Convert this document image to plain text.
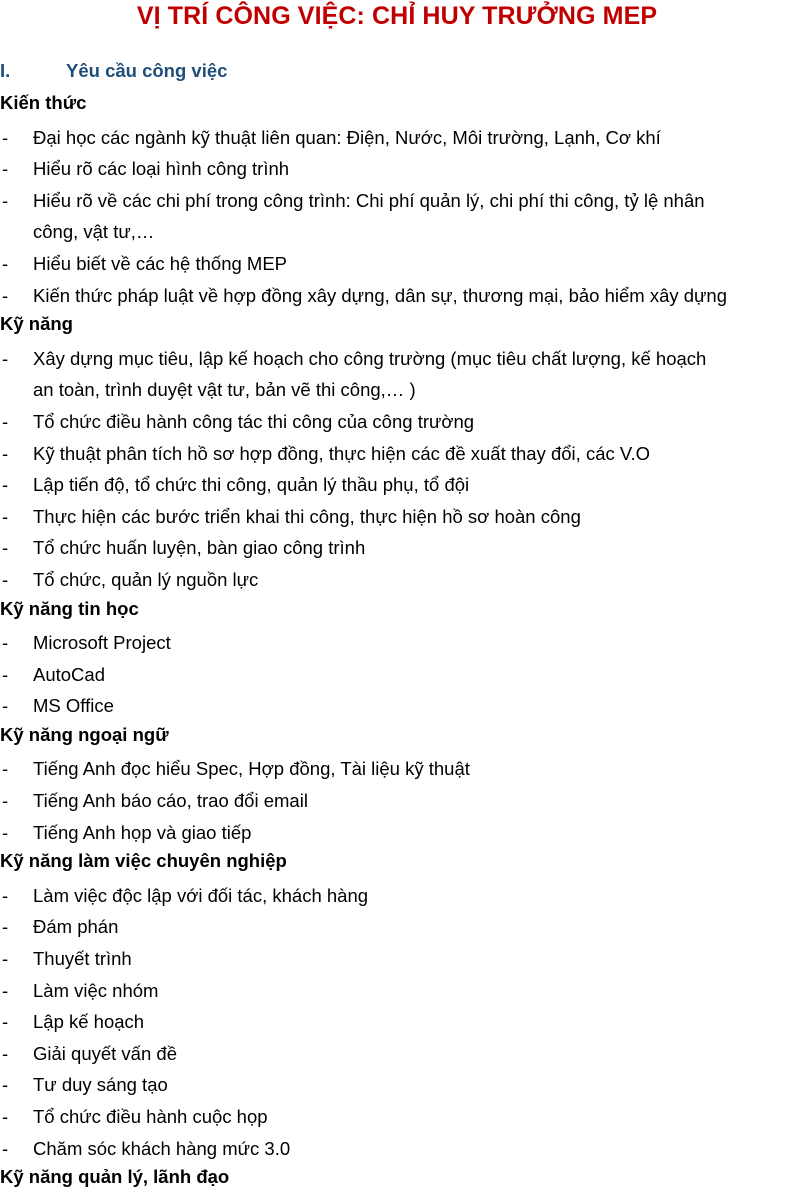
VỊ TRÍ CÔNG VIỆC: CHỈ HUY TRƯỞNG MEP
I.	Yêu cầu công việc
Kiến thức
- Đại học các ngành kỹ thuật liên quan: Điện, Nước, Môi trường, Lạnh, Cơ khí
- Hiểu rõ các loại hình công trình
- Hiểu rõ về các chi phí trong công trình: Chi phí quản lý, chi phí thi công, tỷ lệ nhân
công, vật tư,…
- Hiểu biết về các hệ thống MEP
- Kiến thức pháp luật về hợp đồng xây dựng, dân sự, thương mại, bảo hiểm xây dựng
Kỹ năng
- Xây dựng mục tiêu, lập kế hoạch cho công trường (mục tiêu chất lượng, kế hoạch
an toàn, trình duyệt vật tư, bản vẽ thi công,… )
- Tổ chức điều hành công tác thi công của công trường
- Kỹ thuật phân tích hồ sơ hợp đồng, thực hiện các đề xuất thay đổi, các V.O
- Lập tiến độ, tổ chức thi công, quản lý thầu phụ, tổ đội
- Thực hiện các bước triển khai thi công, thực hiện hồ sơ hoàn công
- Tổ chức huấn luyện, bàn giao công trình
- Tổ chức, quản lý nguồn lực
Kỹ năng tin học
- Microsoft Project
- AutoCad
- MS Office
Kỹ năng ngoại ngữ
- Tiếng Anh đọc hiểu Spec, Hợp đồng, Tài liệu kỹ thuật
- Tiếng Anh báo cáo, trao đổi email
- Tiếng Anh họp và giao tiếp
Kỹ năng làm việc chuyên nghiệp
- Làm việc độc lập với đối tác, khách hàng
- Đám phán
- Thuyết trình
- Làm việc nhóm
- Lập kế hoạch
- Giải quyết vấn đề
- Tư duy sáng tạo
- Tổ chức điều hành cuộc họp
- Chăm sóc khách hàng mức 3.0
Kỹ năng quản lý, lãnh đạo
